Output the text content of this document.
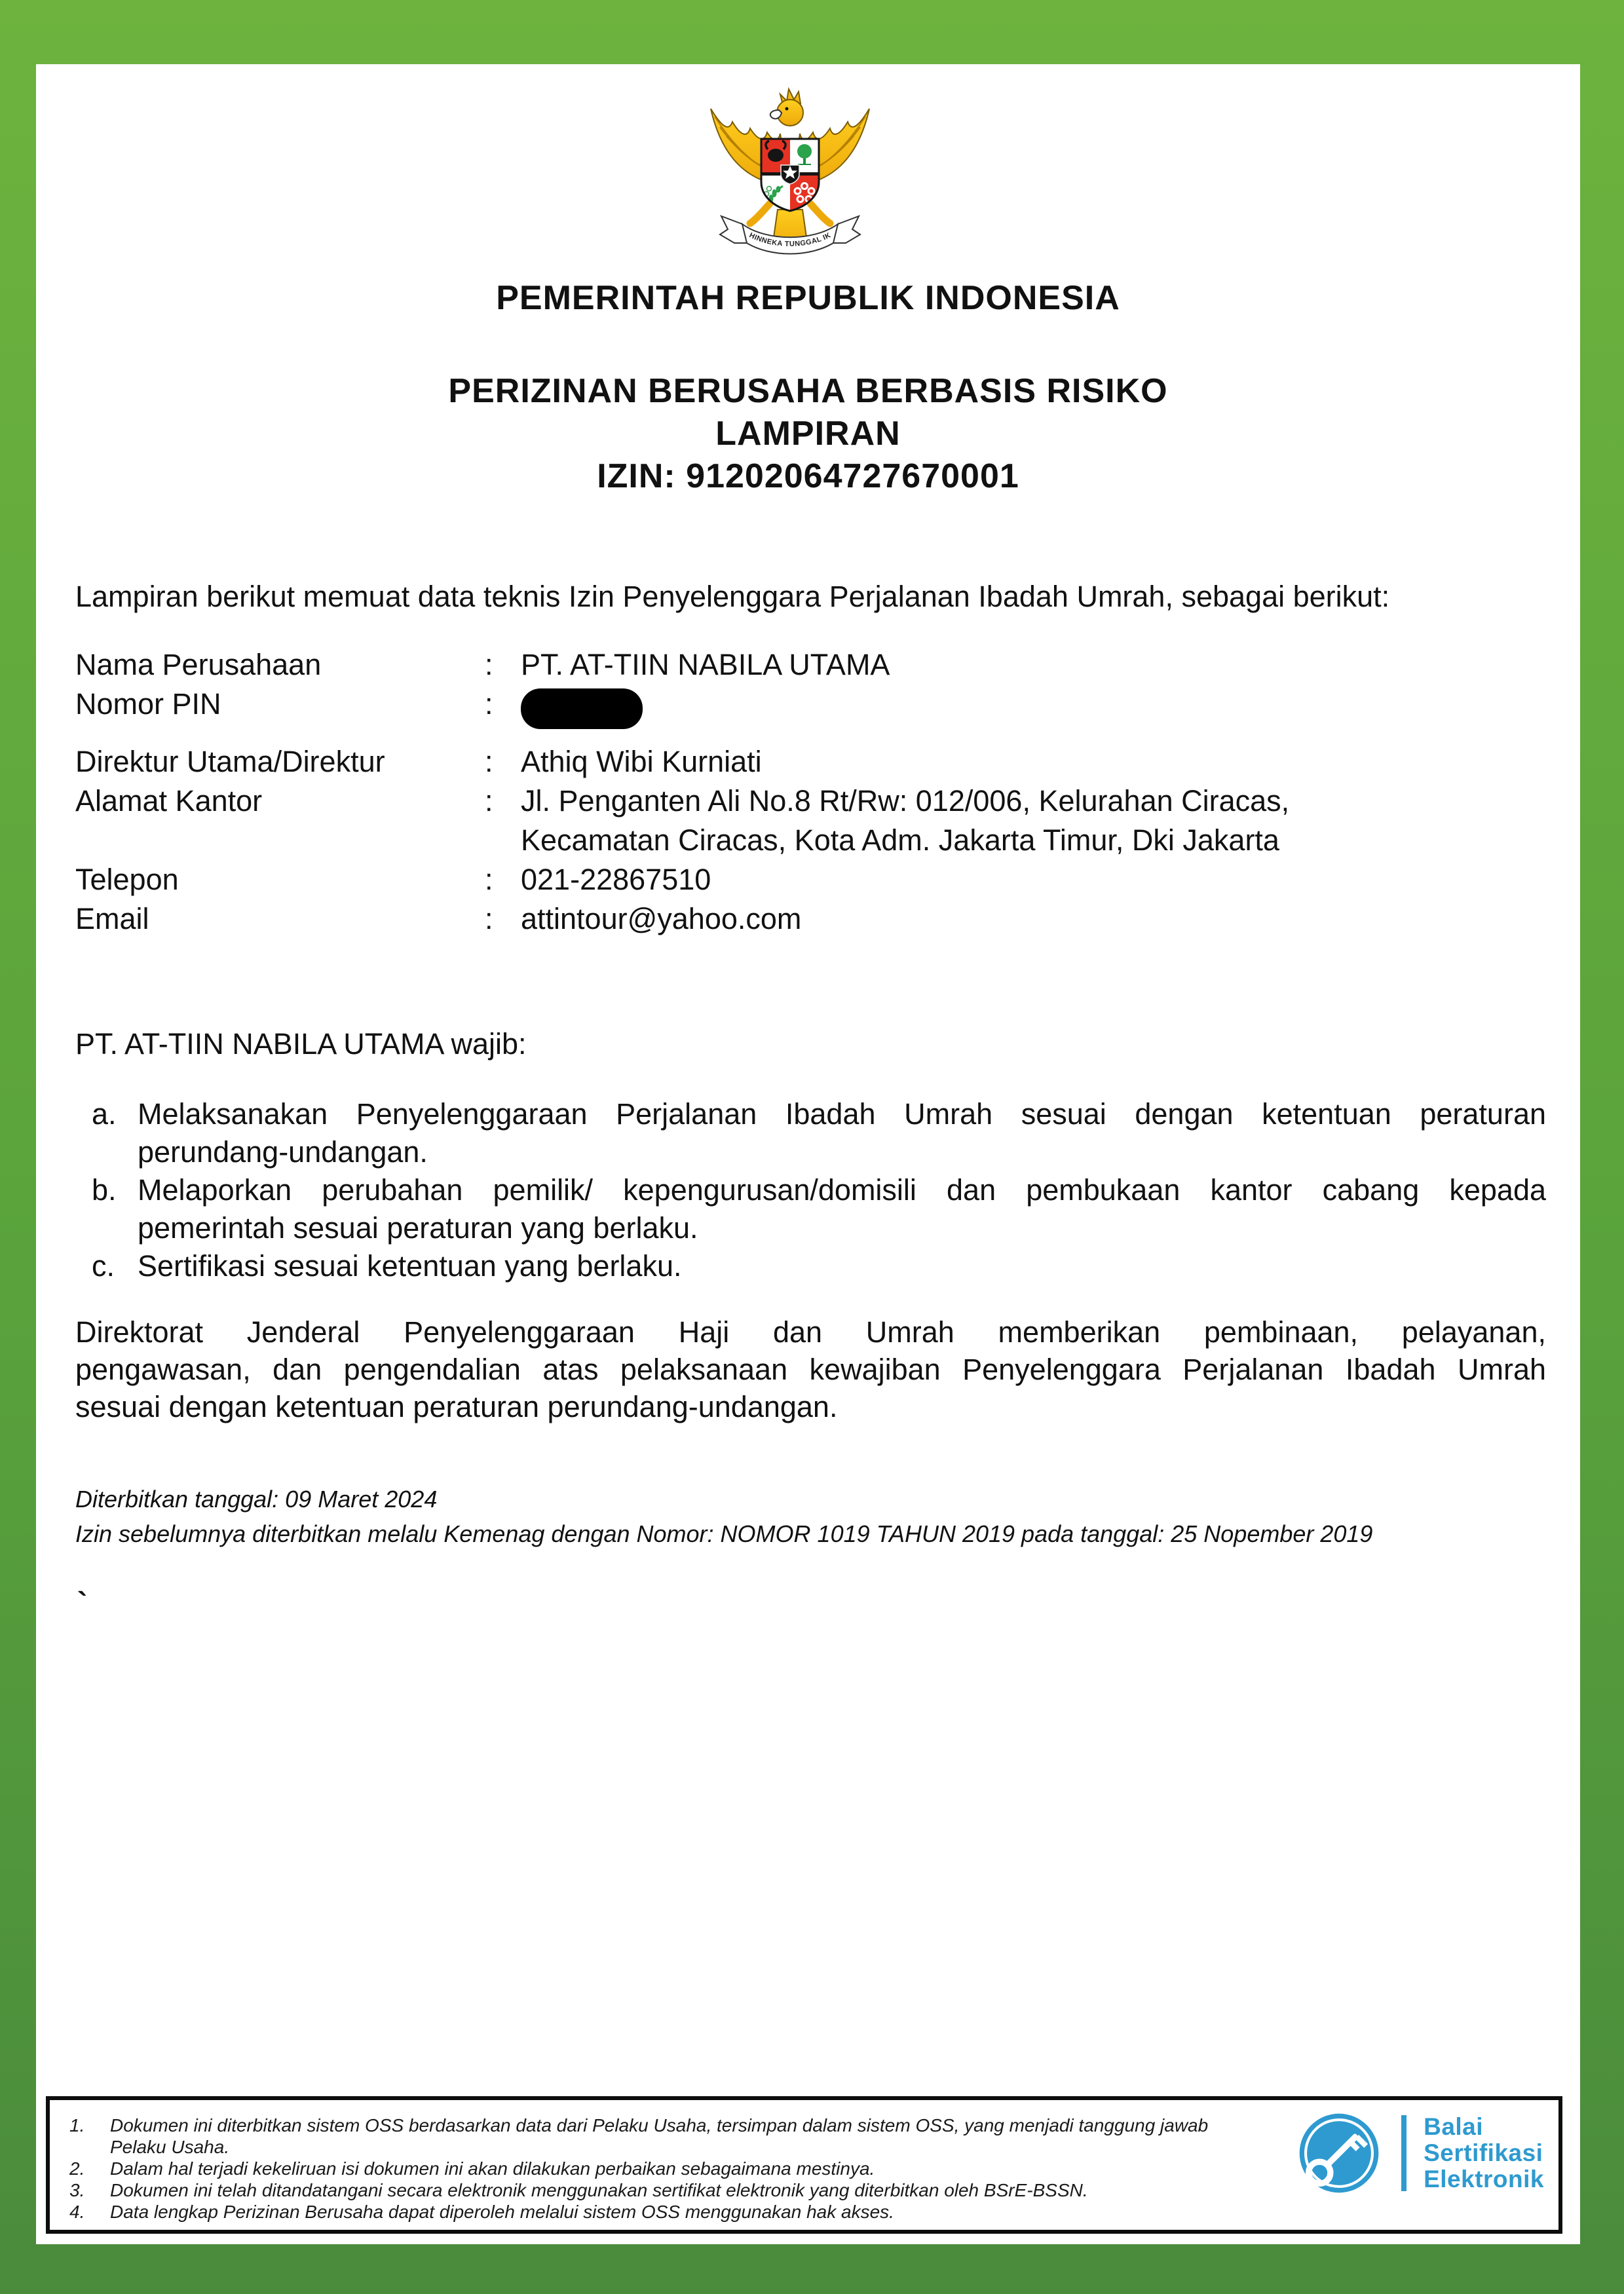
BHINNEKA TUNGGAL IKA
PEMERINTAH REPUBLIK INDONESIA
PERIZINAN BERUSAHA BERBASIS RISIKO
LAMPIRAN
IZIN: 91202064727670001
Lampiran berikut memuat data teknis Izin Penyelenggara Perjalanan Ibadah Umrah, sebagai berikut:
Nama Perusahaan	: PT. AT-TIIN NABILA UTAMA
Nomor PIN	:
Direktur Utama/Direktur	: Athiq Wibi Kurniati
Alamat Kantor	: Jl. Penganten Ali No.8 Rt/Rw: 012/006, Kelurahan Ciracas,
Kecamatan Ciracas, Kota Adm. Jakarta Timur, Dki Jakarta
Telepon	: 021-22867510
Email	: attintour@yahoo.com
PT. AT-TIIN NABILA UTAMA wajib:
a. Melaksanakan Penyelenggaraan Perjalanan Ibadah Umrah sesuai dengan ketentuan peraturan
perundang-undangan.
b. Melaporkan perubahan pemilik/ kepengurusan/domisili dan pembukaan kantor cabang kepada
pemerintah sesuai peraturan yang berlaku.
c. Sertifikasi sesuai ketentuan yang berlaku.
Direktorat Jenderal Penyelenggaraan Haji dan Umrah memberikan pembinaan, pelayanan,
pengawasan, dan pengendalian atas pelaksanaan kewajiban Penyelenggara Perjalanan Ibadah Umrah
sesuai dengan ketentuan peraturan perundang-undangan.
Diterbitkan tanggal: 09 Maret 2024
Izin sebelumnya diterbitkan melalu Kemenag dengan Nomor: NOMOR 1019 TAHUN 2019 pada tanggal: 25 Nopember 2019
`
1.	Dokumen ini diterbitkan sistem OSS berdasarkan data dari Pelaku Usaha, tersimpan dalam sistem OSS, yang menjadi tanggung jawab
Pelaku Usaha.
2.	Dalam hal terjadi kekeliruan isi dokumen ini akan dilakukan perbaikan sebagaimana mestinya.
3.	Dokumen ini telah ditandatangani secara elektronik menggunakan sertifikat elektronik yang diterbitkan oleh BSrE-BSSN.
4.	Data lengkap Perizinan Berusaha dapat diperoleh melalui sistem OSS menggunakan hak akses.
Balai
Sertifikasi
Elektronik
